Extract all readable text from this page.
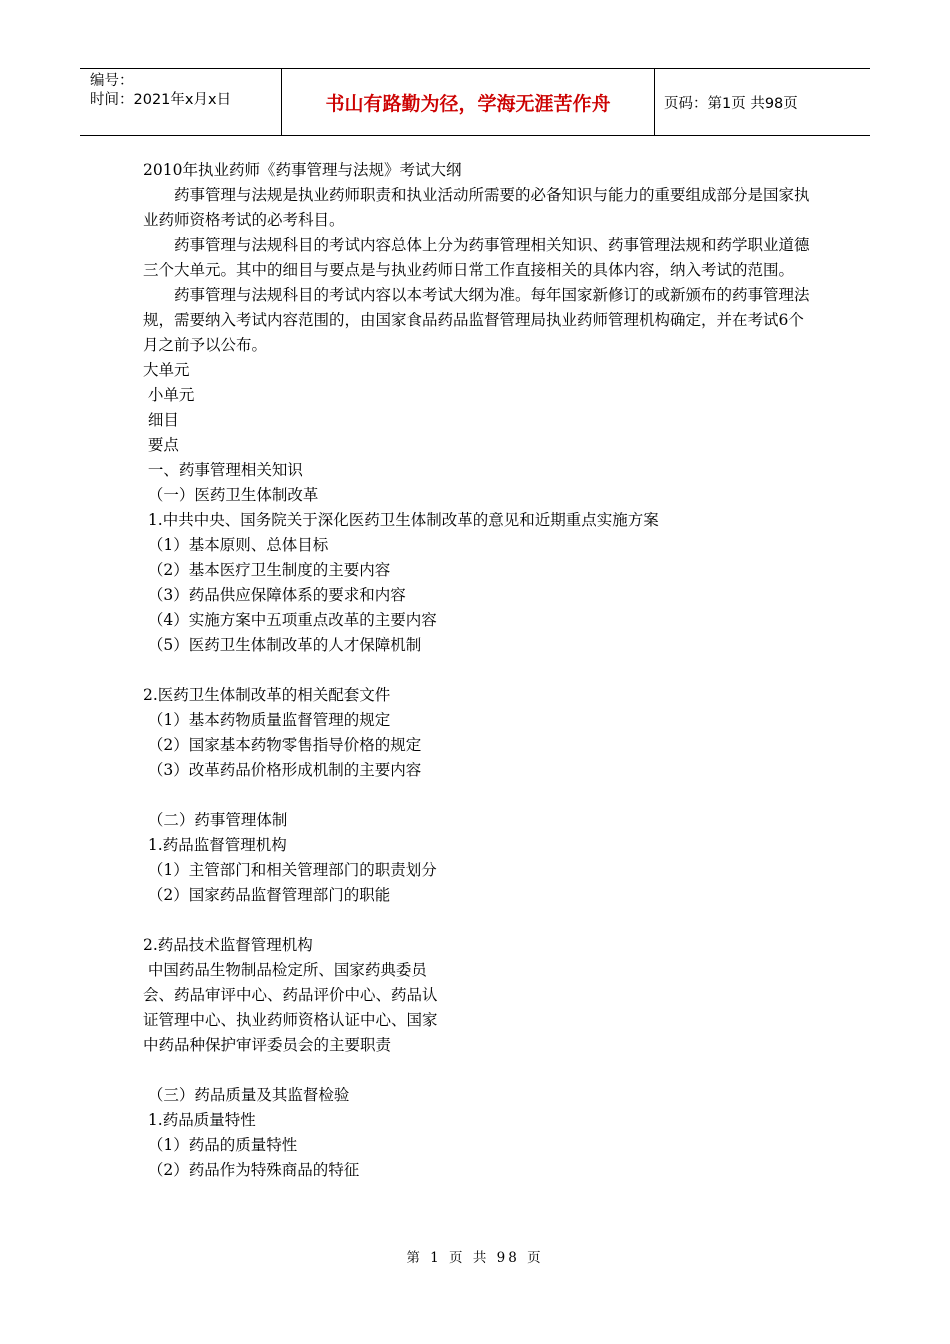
编号：
时间：2021年x月x日	书山有路勤为径，学海无涯苦作舟	页码：第1页 共98页
2010年执业药师《药事管理与法规》考试大纲
药事管理与法规是执业药师职责和执业活动所需要的必备知识与能力的重要组成部分是国家执业药师资格考试的必考科目。
药事管理与法规科目的考试内容总体上分为药事管理相关知识、药事管理法规和药学职业道德三个大单元。其中的细目与要点是与执业药师日常工作直接相关的具体内容，纳入考试的范围。
药事管理与法规科目的考试内容以本考试大纲为准。每年国家新修订的或新颁布的药事管理法规，需要纳入考试内容范围的，由国家食品药品监督管理局执业药师管理机构确定，并在考试6个月之前予以公布。
大单元
小单元
细目
要点
一、药事管理相关知识
（一）医药卫生体制改革
1.中共中央、国务院关于深化医药卫生体制改革的意见和近期重点实施方案
（1）基本原则、总体目标
（2）基本医疗卫生制度的主要内容
（3）药品供应保障体系的要求和内容
（4）实施方案中五项重点改革的主要内容
（5）医药卫生体制改革的人才保障机制
2.医药卫生体制改革的相关配套文件
（1）基本药物质量监督管理的规定
（2）国家基本药物零售指导价格的规定
（3）改革药品价格形成机制的主要内容
（二）药事管理体制
1.药品监督管理机构
（1）主管部门和相关管理部门的职责划分
（2）国家药品监督管理部门的职能
2.药品技术监督管理机构
中国药品生物制品检定所、国家药典委员
会、药品审评中心、药品评价中心、药品认
证管理中心、执业药师资格认证中心、国家
中药品种保护审评委员会的主要职责
（三）药品质量及其监督检验
1.药品质量特性
（1）药品的质量特性
（2）药品作为特殊商品的特征
第 1 页 共 98 页
